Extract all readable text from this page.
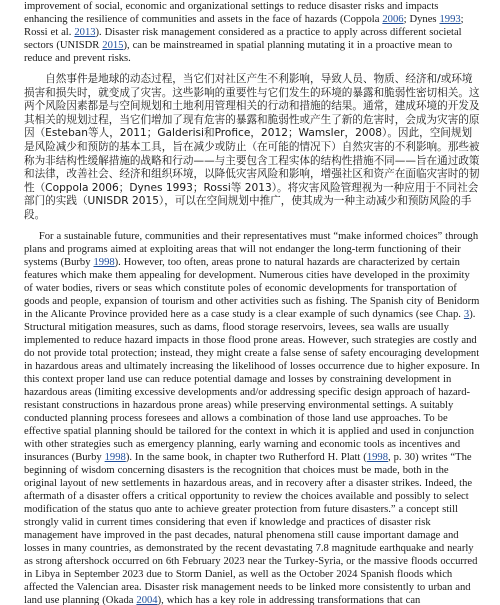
improvement of social, economic and organizational settings to reduce disaster risks and impacts enhancing the resilience of communities and assets in the face of hazards (Coppola 2006; Dynes 1993; Rossi et al. 2013). Disaster risk management considered as a practice to apply across different societal sectors (UNISDR 2015), can be mainstreamed in spatial planning mutating it in a proactive mean to reduce and prevent risks.

自然事件是地球的动态过程，当它们对社区产生不利影响，导致人员、物质、经济和/或环境损害和损失时，就变成了灾害。这些影响的重要性与它们发生的环境的暴露和脆弱性密切相关。这两个风险因素都是与空间规划和土地利用管理相关的行动和措施的结果。通常，建成环境的开发及其相关的规划过程，当它们增加了现有危害的暴露和脆弱性或产生了新的危害时，会成为灾害的原因（Esteban等人，2011；Galderisi和Profice，2012；Wamsler，2008）。因此，空间规划是风险减少和预防的基本工具，旨在减少或防止（在可能的情况下）自然灾害的不利影响。那些被称为非结构性缓解措施的战略和行动——与主要包含工程实体的结构性措施不同——旨在通过政策和法律，改善社会、经济和组织环境，以降低灾害风险和影响，增强社区和资产在面临灾害时的韧性（Coppola 2006；Dynes 1993；Rossi等 2013）。将灾害风险管理视为一种应用于不同社会部门的实践（UNISDR 2015），可以在空间规划中推广，使其成为一种主动减少和预防风险的手段。

For a sustainable future, communities and their representatives must “make informed choices” through plans and programs aimed at exploiting areas that will not endanger the long-term functioning of their systems (Burby 1998). However, too often, areas prone to natural hazards are characterized by certain features which make them appealing for development. Numerous cities have developed in the proximity of water bodies, rivers or seas which constitute poles of economic developments for transportation of goods and people, expansion of tourism and other activities such as fishing. The Spanish city of Benidorm in the Alicante Province provided here as a case study is a clear example of such dynamics (see Chap. 3). Structural mitigation measures, such as dams, flood storage reservoirs, levees, sea walls are usually implemented to reduce hazard impacts in those flood prone areas. However, such strategies are costly and do not provide total protection; instead, they might create a false sense of safety encouraging development in hazardous areas and ultimately increasing the likelihood of losses occurrence due to higher exposure. In this context proper land use can reduce potential damage and losses by constraining development in hazardous areas (limiting excessive developments and/or addressing specific design approach of hazard-resistant constructions in hazardous prone areas) while preserving environmental settings. A suitably conducted planning process foresees and allows a combination of those land use approaches. To be effective spatial planning should be tailored for the context in which it is applied and used in conjunction with other strategies such as emergency planning, early warning and economic tools as incentives and insurances (Burby 1998). In the same book, in chapter two Rutherford H. Platt (1998, p. 30) writes “The beginning of wisdom concerning disasters is the recognition that choices must be made, both in the original layout of new settlements in hazardous areas, and in recovery after a disaster strikes. Indeed, the aftermath of a disaster offers a critical opportunity to review the choices available and possibly to select modification of the status quo ante to achieve greater protection from future disasters.” a concept still strongly valid in current times considering that even if knowledge and practices of disaster risk management have improved in the past decades, natural phenomena still cause important damage and losses in many countries, as demonstrated by the recent devastating 7.8 magnitude earthquake and nearly as strong aftershock occurred on 6th February 2023 near the Turkey-Syria, or the massive floods occurred in Libya in September 2023 due to Storm Daniel, as well as the October 2024 Spanish floods which affected the Valencian area. Disaster risk management needs to be linked more consistently to urban and land use planning (Okada 2004), which has a key role in addressing transformations that can
